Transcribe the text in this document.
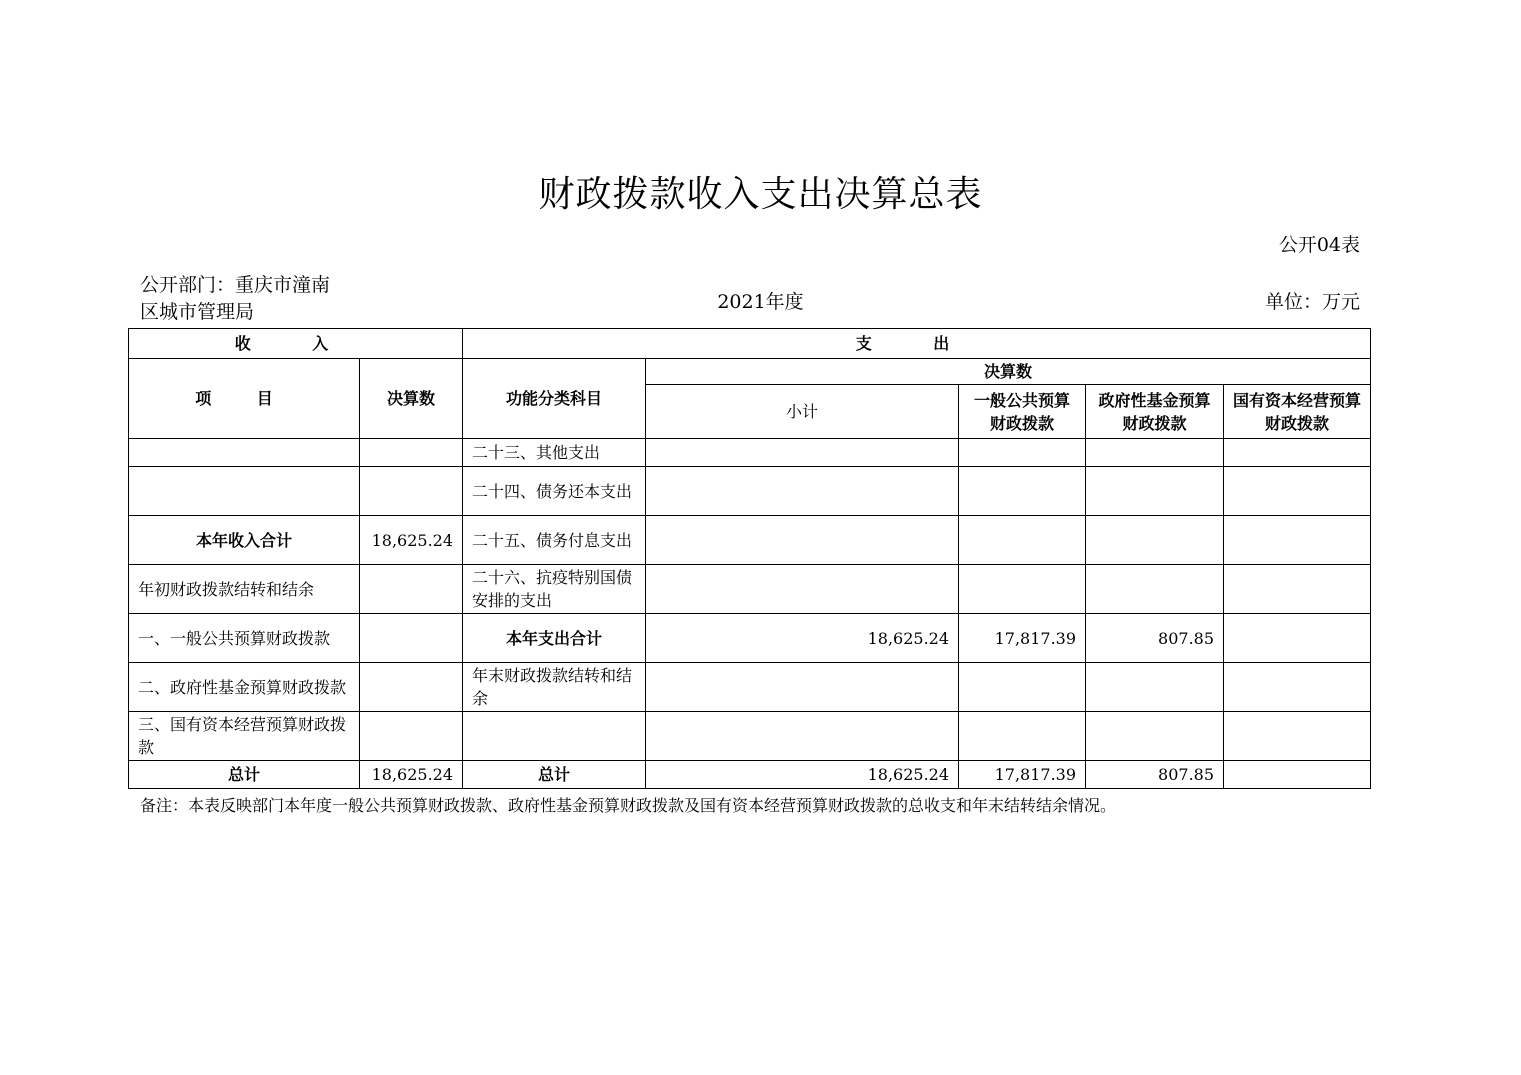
财政拨款收入支出决算总表
公开04表
公开部门：重庆市潼南区城市管理局	2021年度	单位：万元
收 入		支 出				
项 目	决算数	功能分类科目	决算数			
			小计	一般公共预算财政拨款	政府性基金预算财政拨款	国有资本经营预算财政拨款
		二十三、其他支出				
		二十四、债务还本支出				
本年收入合计	18,625.24	二十五、债务付息支出				
年初财政拨款结转和结余		二十六、抗疫特别国债安排的支出				
一、一般公共预算财政拨款		本年支出合计	18,625.24	17,817.39	807.85	
二、政府性基金预算财政拨款		年末财政拨款结转和结余				
三、国有资本经营预算财政拨款						
总计	18,625.24	总计	18,625.24	17,817.39	807.85	
备注：本表反映部门本年度一般公共预算财政拨款、政府性基金预算财政拨款及国有资本经营预算财政拨款的总收支和年末结转结余情况。
